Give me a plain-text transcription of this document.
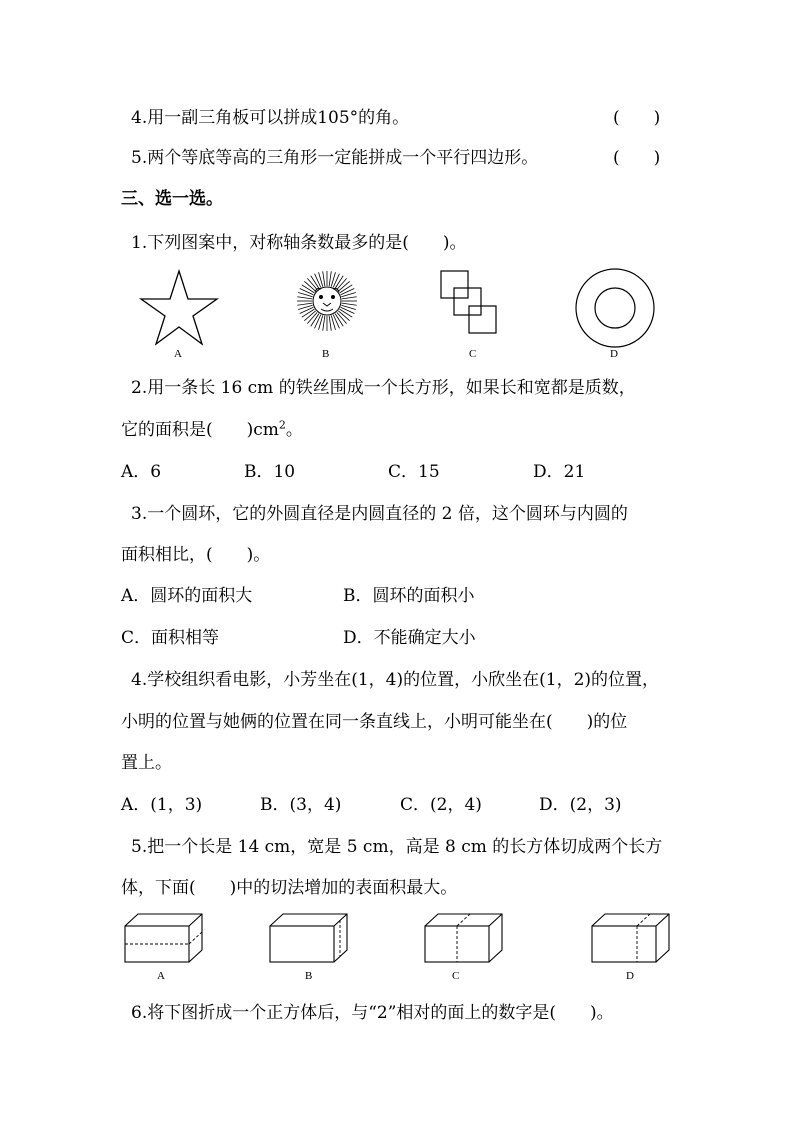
4.用一副三角板可以拼成105°的角。	(　　)
5.两个等底等高的三角形一定能拼成一个平行四边形。	(　　)
三、选一选。
1.下列图案中，对称轴条数最多的是(　　)。
A	B	C	D
2.用一条长 16 cm 的铁丝围成一个长方形，如果长和宽都是质数，
它的面积是(　　)$cm^2$。
A．6	B．10	C．15	D．21
3.一个圆环，它的外圆直径是内圆直径的 2 倍，这个圆环与内圆的
面积相比，(　　)。
A．圆环的面积大	B．圆环的面积小
C．面积相等	D．不能确定大小
4.学校组织看电影，小芳坐在(1，4)的位置，小欣坐在(1，2)的位置，
小明的位置与她俩的位置在同一条直线上，小明可能坐在(　　)的位
置上。
A．(1，3)	B．(3，4)	C．(2，4)	D．(2，3)
5.把一个长是 14 cm，宽是 5 cm，高是 8 cm 的长方体切成两个长方
体，下面(　　)中的切法增加的表面积最大。
A	B	C	D
6.将下图折成一个正方体后，与“2”相对的面上的数字是(　　)。
